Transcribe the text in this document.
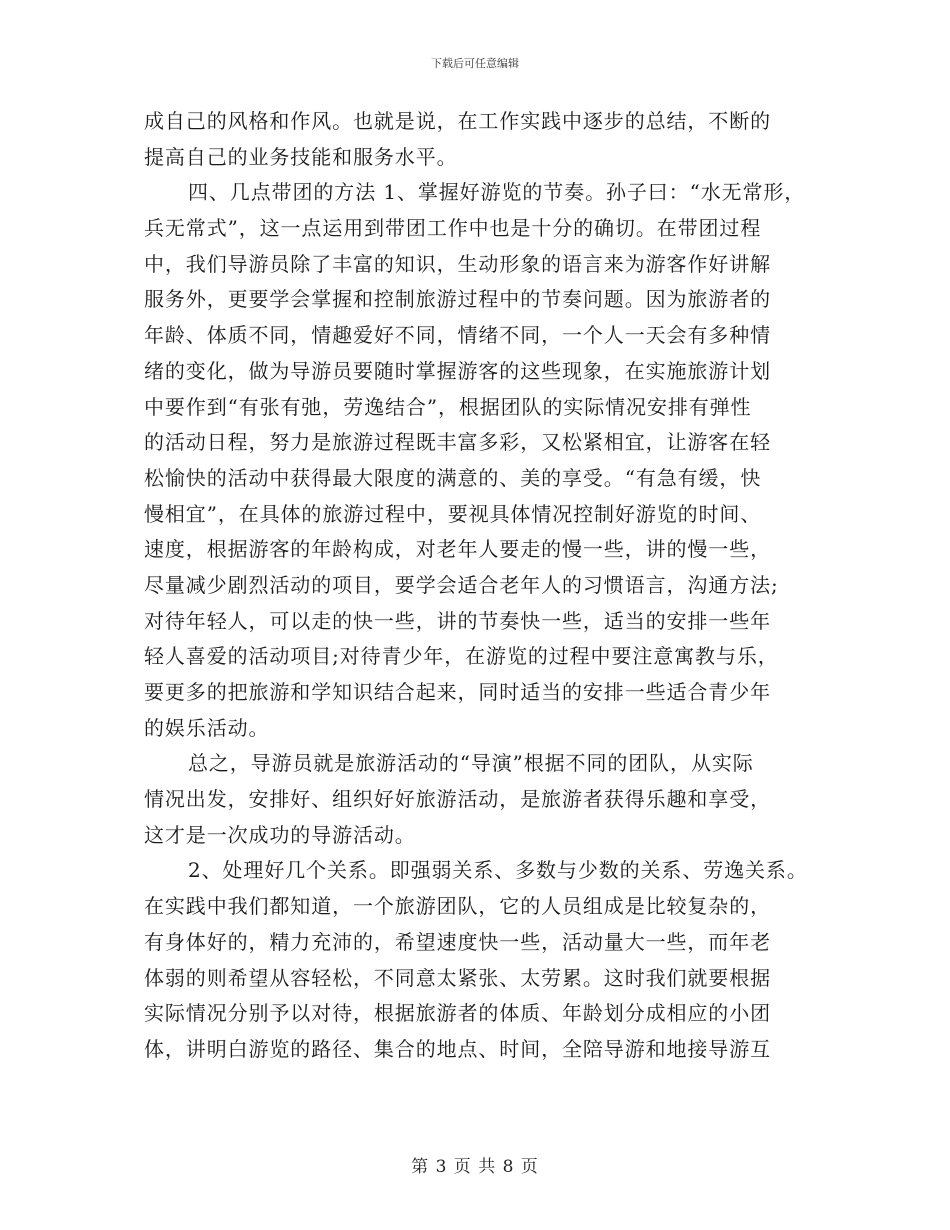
下载后可任意编辑
成自己的风格和作风。也就是说，在工作实践中逐步的总结，不断的
提高自己的业务技能和服务水平。
四、几点带团的方法 1、掌握好游览的节奏。孙子曰：“水无常形，
兵无常式”，这一点运用到带团工作中也是十分的确切。在带团过程
中，我们导游员除了丰富的知识，生动形象的语言来为游客作好讲解
服务外，更要学会掌握和控制旅游过程中的节奏问题。因为旅游者的
年龄、体质不同，情趣爱好不同，情绪不同，一个人一天会有多种情
绪的变化，做为导游员要随时掌握游客的这些现象，在实施旅游计划
中要作到“有张有弛，劳逸结合”，根据团队的实际情况安排有弹性
的活动日程，努力是旅游过程既丰富多彩，又松紧相宜，让游客在轻
松愉快的活动中获得最大限度的满意的、美的享受。“有急有缓，快
慢相宜”，在具体的旅游过程中，要视具体情况控制好游览的时间、
速度，根据游客的年龄构成，对老年人要走的慢一些，讲的慢一些，
尽量减少剧烈活动的项目，要学会适合老年人的习惯语言，沟通方法;
对待年轻人，可以走的快一些，讲的节奏快一些，适当的安排一些年
轻人喜爱的活动项目;对待青少年，在游览的过程中要注意寓教与乐，
要更多的把旅游和学知识结合起来，同时适当的安排一些适合青少年
的娱乐活动。
总之，导游员就是旅游活动的“导演”根据不同的团队，从实际
情况出发，安排好、组织好好旅游活动，是旅游者获得乐趣和享受，
这才是一次成功的导游活动。
2、处理好几个关系。即强弱关系、多数与少数的关系、劳逸关系。
在实践中我们都知道，一个旅游团队，它的人员组成是比较复杂的，
有身体好的，精力充沛的，希望速度快一些，活动量大一些，而年老
体弱的则希望从容轻松，不同意太紧张、太劳累。这时我们就要根据
实际情况分别予以对待，根据旅游者的体质、年龄划分成相应的小团
体，讲明白游览的路径、集合的地点、时间，全陪导游和地接导游互
第 3 页 共 8 页
